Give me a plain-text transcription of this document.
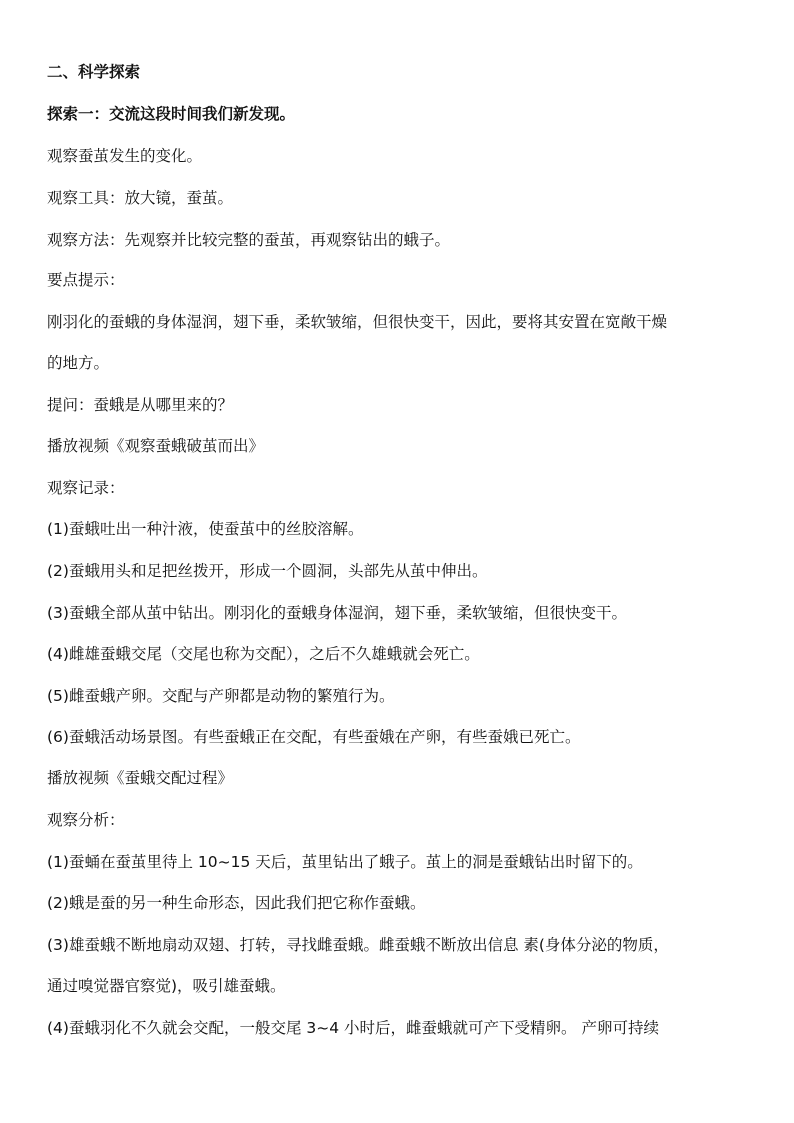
二、科学探索
探索一：交流这段时间我们新发现。
观察蚕茧发生的变化。
观察工具：放大镜，蚕茧。
观察方法：先观察并比较完整的蚕茧，再观察钻出的蛾子。
要点提示：
刚羽化的蚕蛾的身体湿润，翅下垂，柔软皱缩，但很快变干，因此，要将其安置在宽敞干燥
的地方。
提问：蚕蛾是从哪里来的？
播放视频《观察蚕蛾破茧而出》
观察记录：
(1)蚕蛾吐出一种汁液，使蚕茧中的丝胶溶解。
(2)蚕蛾用头和足把丝拨开，形成一个圆洞，头部先从茧中伸出。
(3)蚕蛾全部从茧中钻出。刚羽化的蚕蛾身体湿润，翅下垂，柔软皱缩，但很快变干。
(4)雌雄蚕蛾交尾（交尾也称为交配），之后不久雄蛾就会死亡。
(5)雌蚕蛾产卵。交配与产卵都是动物的繁殖行为。
(6)蚕蛾活动场景图。有些蚕蛾正在交配，有些蚕娥在产卵，有些蚕娥已死亡。
播放视频《蚕蛾交配过程》
观察分析：
(1)蚕蛹在蚕茧里待上 10~15 天后，茧里钻出了蛾子。茧上的洞是蚕蛾钻出时留下的。
(2)蛾是蚕的另一种生命形态，因此我们把它称作蚕蛾。
(3)雄蚕蛾不断地扇动双翅、打转，寻找雌蚕蛾。雌蚕蛾不断放出信息 素(身体分泌的物质，
通过嗅觉器官察觉)，吸引雄蚕蛾。
(4)蚕蛾羽化不久就会交配，一般交尾 3~4 小时后，雌蚕蛾就可产下受精卵。 产卵可持续
